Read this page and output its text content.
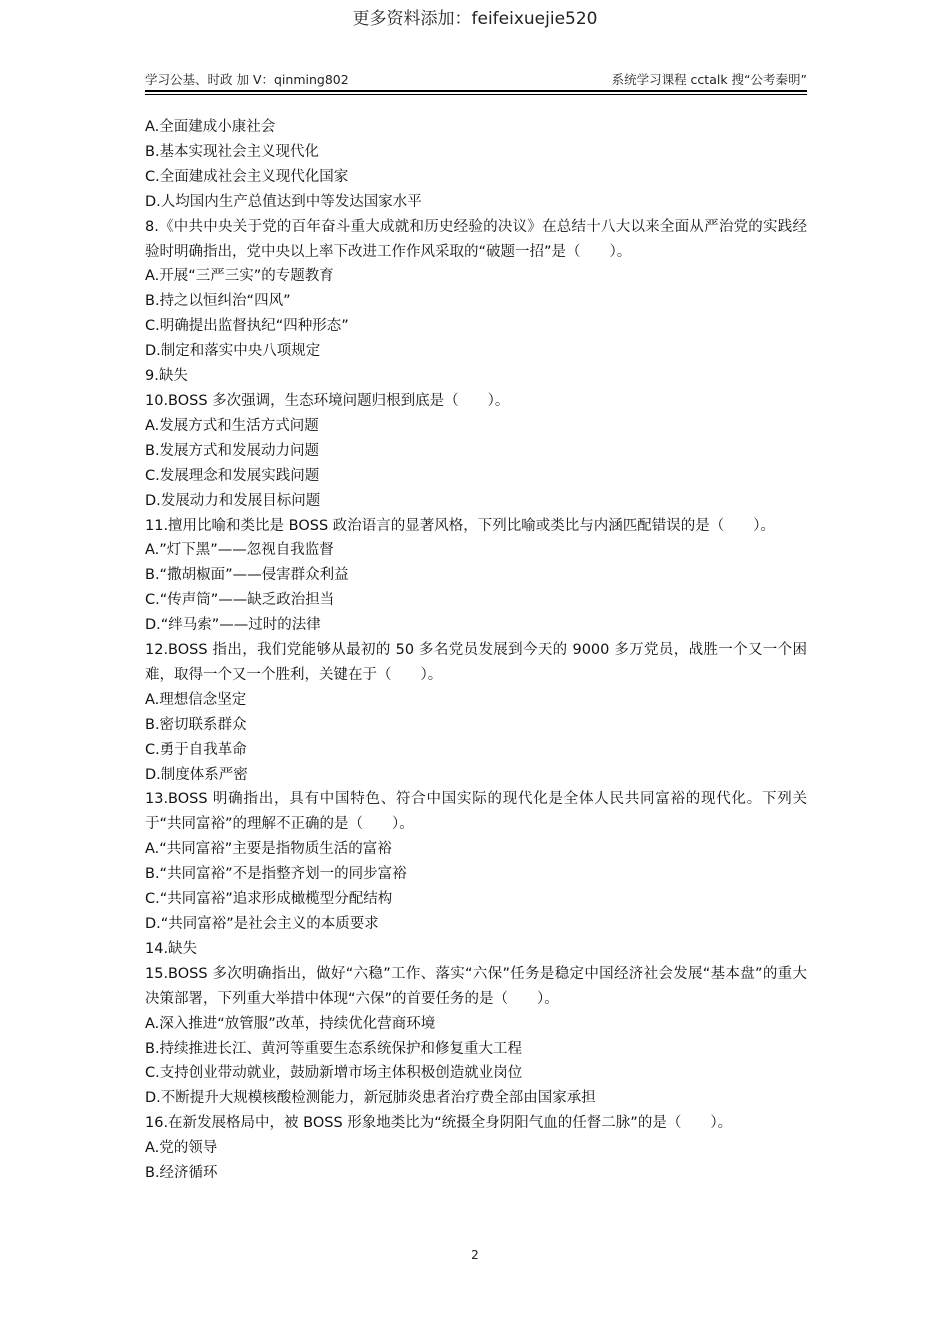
更多资料添加：feifeixuejie520
学习公基、时政 加 V：qinming802	系统学习课程 cctalk 搜“公考秦明”

A.全面建成小康社会

B.基本实现社会主义现代化

C.全面建成社会主义现代化国家

D.人均国内生产总值达到中等发达国家水平

8.《中共中央关于党的百年奋斗重大成就和历史经验的决议》在总结十八大以来全面从严治党的实践经验时明确指出，党中央以上率下改进工作作风采取的“破题一招”是（　　）。

A.开展“三严三实”的专题教育

B.持之以恒纠治“四风”

C.明确提出监督执纪“四种形态”

D.制定和落实中央八项规定

9.缺失

10.BOSS 多次强调，生态环境问题归根到底是（　　）。

A.发展方式和生活方式问题

B.发展方式和发展动力问题

C.发展理念和发展实践问题

D.发展动力和发展目标问题

11.擅用比喻和类比是 BOSS 政治语言的显著风格，下列比喻或类比与内涵匹配错误的是（　　）。

A.”灯下黑”——忽视自我监督

B.“撒胡椒面”——侵害群众利益

C.“传声筒”——缺乏政治担当

D.“绊马索”——过时的法律

12.BOSS 指出，我们党能够从最初的 50 多名党员发展到今天的 9000 多万党员，战胜一个又一个困难，取得一个又一个胜利，关键在于（　　）。

A.理想信念坚定

B.密切联系群众

C.勇于自我革命

D.制度体系严密

13.BOSS 明确指出，具有中国特色、符合中国实际的现代化是全体人民共同富裕的现代化。下列关于“共同富裕”的理解不正确的是（　　）。

A.“共同富裕”主要是指物质生活的富裕

B.“共同富裕”不是指整齐划一的同步富裕

C.“共同富裕”追求形成橄榄型分配结构

D.“共同富裕”是社会主义的本质要求

14.缺失

15.BOSS 多次明确指出，做好“六稳”工作、落实“六保”任务是稳定中国经济社会发展“基本盘”的重大决策部署，下列重大举措中体现“六保”的首要任务的是（　　）。

A.深入推进“放管服”改革，持续优化营商环境

B.持续推进长江、黄河等重要生态系统保护和修复重大工程

C.支持创业带动就业，鼓励新增市场主体积极创造就业岗位

D.不断提升大规模核酸检测能力，新冠肺炎患者治疗费全部由国家承担

16.在新发展格局中，被 BOSS 形象地类比为“统摄全身阴阳气血的任督二脉”的是（　　）。

A.党的领导

B.经济循环

2
